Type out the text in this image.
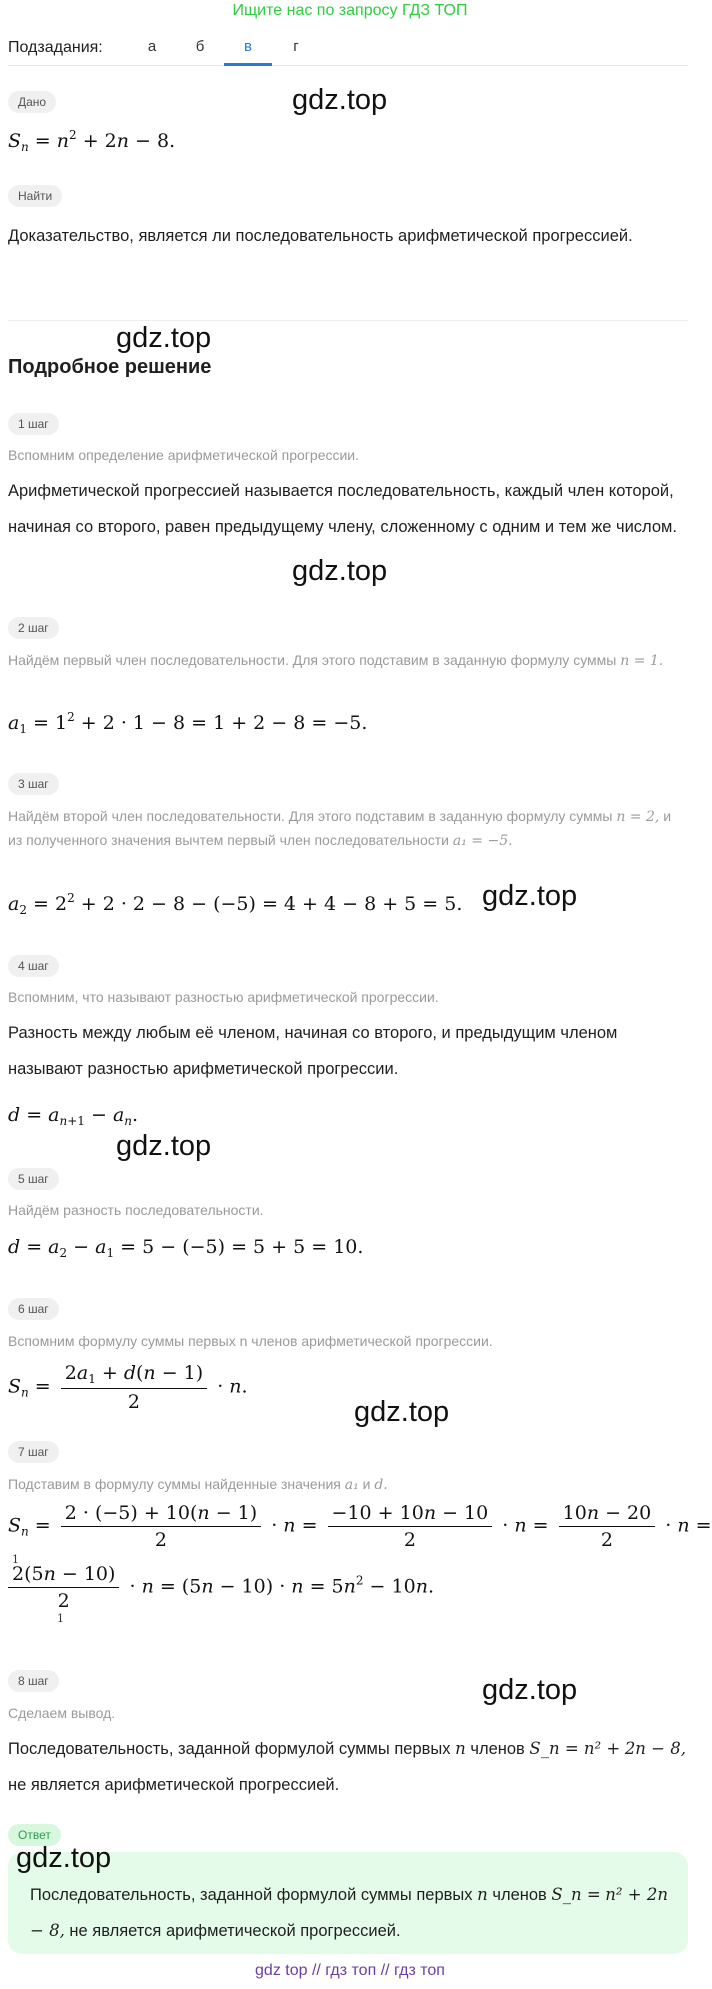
Ищите нас по запросу ГДЗ ТОП
Подзадания:	а	б	в	г
Дано	gdz.top
$S_n = n^2 + 2n - 8$.
Найти
Доказательство, является ли последовательность арифметической прогрессией.
gdz.top
Подробное решение
1 шаг
Вспомним определение арифметической прогрессии.
Арифметической прогрессией называется последовательность, каждый член которой, начиная со второго, равен предыдущему члену, сложенному с одним и тем же числом.
gdz.top
2 шаг
Найдём первый член последовательности. Для этого подставим в заданную формулу суммы n = 1.
$a_1 = 1^2 + 2 \cdot 1 - 8 = 1 + 2 - 8 = -5$.
3 шаг
Найдём второй член последовательности. Для этого подставим в заданную формулу суммы n = 2, и из полученного значения вычтем первый член последовательности a₁ = −5.
$a_2 = 2^2 + 2 \cdot 2 - 8 - (-5) = 4 + 4 - 8 + 5 = 5$. gdz.top
4 шаг
Вспомним, что называют разностью арифметической прогрессии.
Разность между любым её членом, начиная со второго, и предыдущим членом называют разностью арифметической прогрессии.
$d = a_{n+1} - a_n$.
gdz.top
5 шаг
Найдём разность последовательности.
$d = a_2 - a_1 = 5 - (-5) = 5 + 5 = 10$.
6 шаг
Вспомним формулу суммы первых n членов арифметической прогрессии.
$S_n = \frac{2a_1 + d(n - 1)}{2} \cdot n$.
gdz.top
7 шаг
Подставим в формулу суммы найденные значения a₁ и d.
$S_n = \frac{2 \cdot (-5) + 10(n - 1)}{2} \cdot n = \frac{-10 + 10n - 10}{2} \cdot n = \frac{10n - 20}{2} \cdot n$ =
1
$\frac{2(5n - 10)}{2} \cdot n = (5n - 10) \cdot n = 5n^2 - 10n$.
1
8 шаг	gdz.top
Сделаем вывод.
Последовательность, заданной формулой суммы первых n членов S_n = n² + 2n − 8, не является арифметической прогрессией.
Ответ
gdz.top
Последовательность, заданной формулой суммы первых n членов S_n = n² + 2n − 8, не является арифметической прогрессией.
gdz top // гдз топ // гдз топ
